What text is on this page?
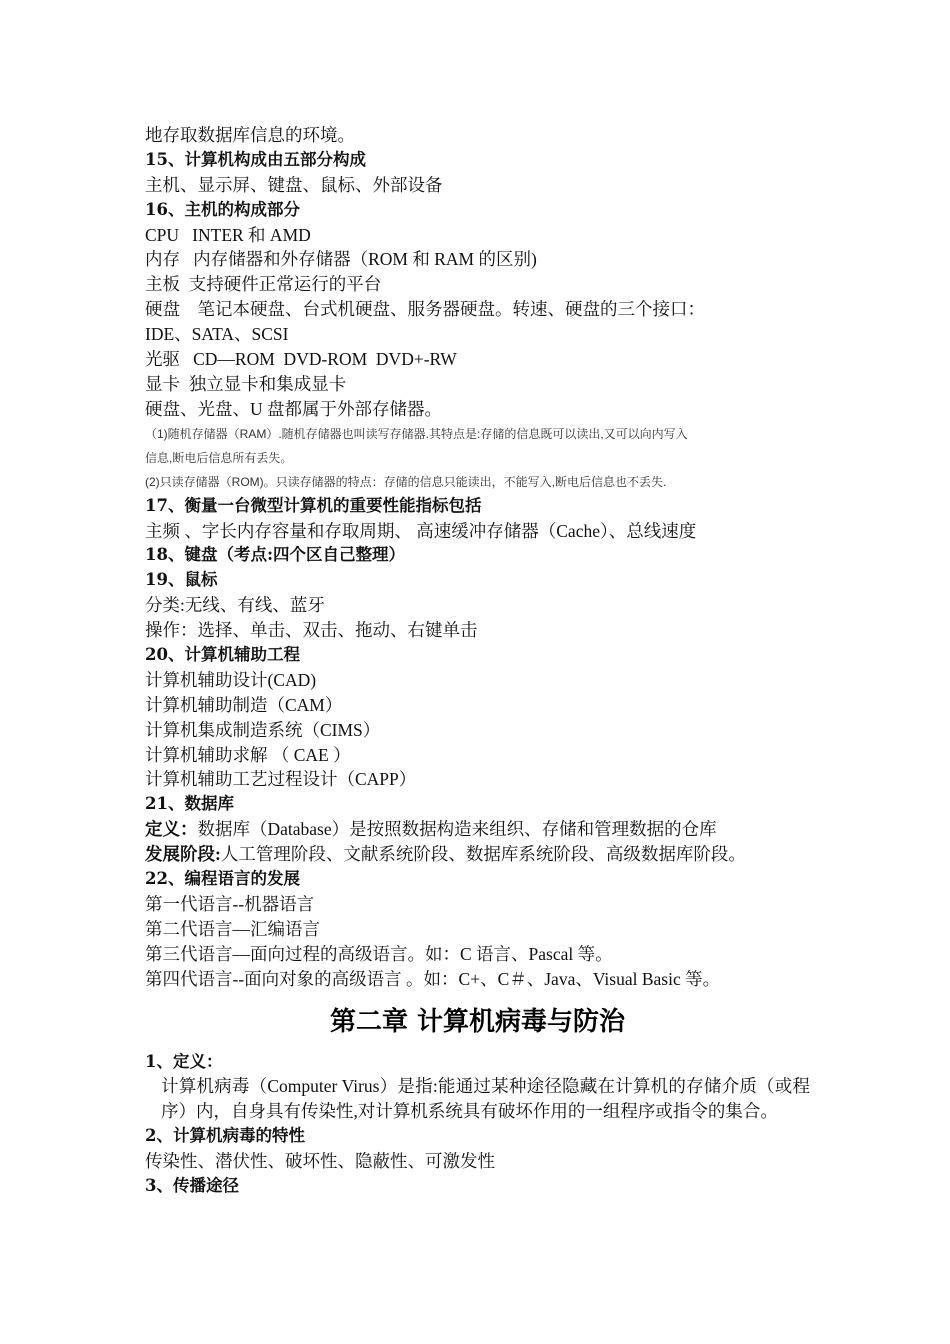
地存取数据库信息的环境。
15、计算机构成由五部分构成
主机、显示屏、键盘、鼠标、外部设备
16、主机的构成部分
CPU   INTER 和 AMD
内存   内存储器和外存储器（ROM 和 RAM 的区别)
主板  支持硬件正常运行的平台
硬盘    笔记本硬盘、台式机硬盘、服务器硬盘。转速、硬盘的三个接口：
IDE、SATA、SCSI
光驱   CD—ROM  DVD-ROM  DVD+-RW
显卡  独立显卡和集成显卡
硬盘、光盘、U 盘都属于外部存储器。
（1)随机存储器（RAM）.随机存储器也叫读写存储器.其特点是:存储的信息既可以读出,又可以向内写入
信息,断电后信息所有丢失。
(2)只读存储器（ROM)。只读存储器的特点：存储的信息只能读出，不能写入,断电后信息也不丢失.
17、衡量一台微型计算机的重要性能指标包括
主频 、字长内存容量和存取周期、 高速缓冲存储器（Cache）、总线速度
18、键盘（考点:四个区自己整理）
19、鼠标
分类:无线、有线、蓝牙
操作：选择、单击、双击、拖动、右键单击
20、计算机辅助工程
计算机辅助设计(CAD)
计算机辅助制造（CAM）
计算机集成制造系统（CIMS）
计算机辅助求解 （ CAE ）
计算机辅助工艺过程设计（CAPP）
21、数据库
定义：数据库（Database）是按照数据构造来组织、存储和管理数据的仓库
发展阶段:人工管理阶段、文献系统阶段、数据库系统阶段、高级数据库阶段。
22、编程语言的发展
第一代语言--机器语言
第二代语言—汇编语言
第三代语言—面向过程的高级语言。如：C 语言、Pascal 等。
第四代语言--面向对象的高级语言 。如：C+、C＃、Java、Visual Basic 等。
第二章 计算机病毒与防治
1、定义：
计算机病毒（Computer Virus）是指:能通过某种途径隐藏在计算机的存储介质（或程序）内，自身具有传染性,对计算机系统具有破坏作用的一组程序或指令的集合。
2、计算机病毒的特性
传染性、潜伏性、破坏性、隐蔽性、可激发性
3、传播途径
